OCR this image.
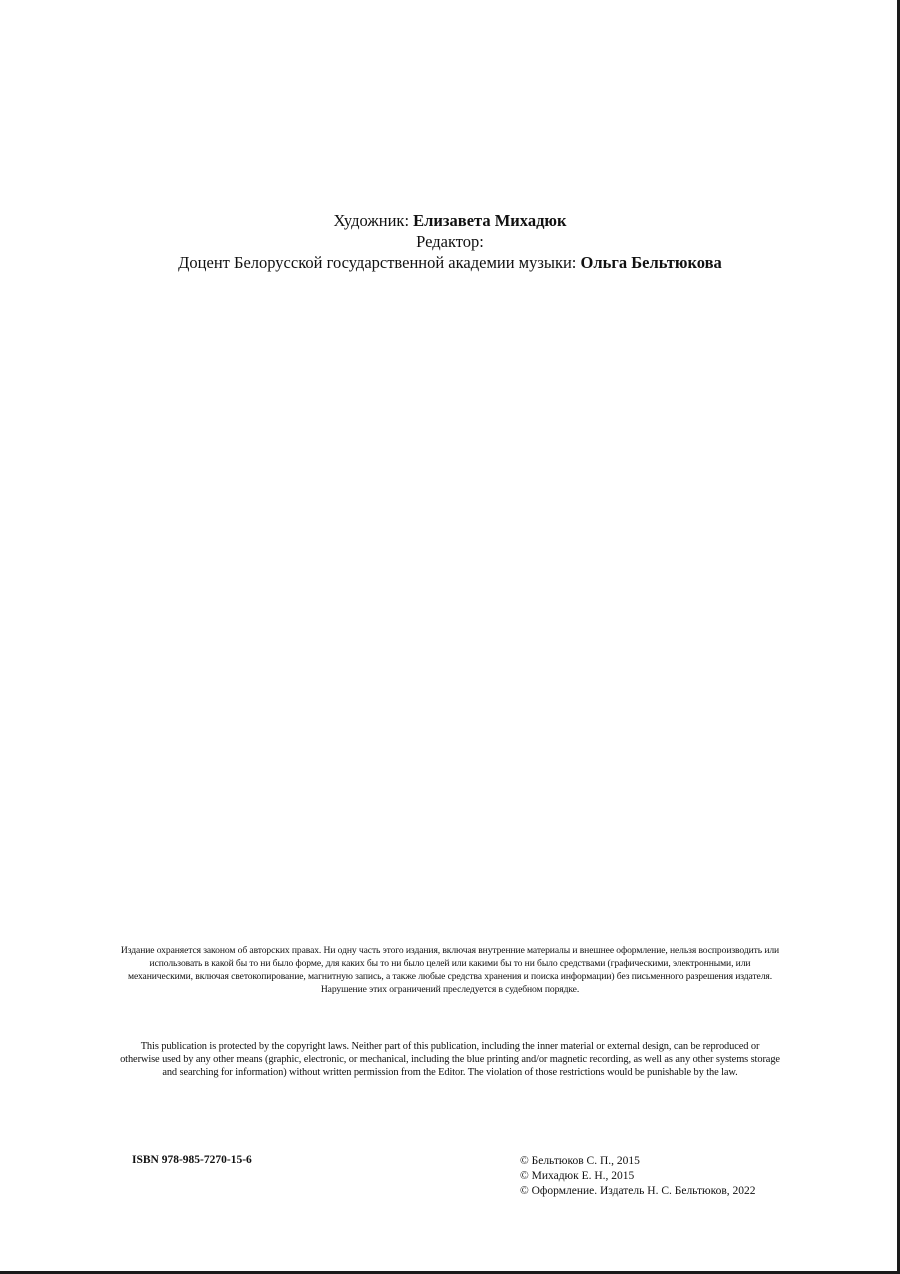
Художник: Елизавета Михадюк
Редактор:
Доцент Белорусской государственной академии музыки: Ольга Бельтюкова
Издание охраняется законом об авторских правах. Ни одну часть этого издания, включая внутренние материалы и внешнее оформление, нельзя воспроизводить или использовать в какой бы то ни было форме, для каких бы то ни было целей или какими бы то ни было средствами (графическими, электронными, или механическими, включая светокопирование, магнитную запись, а также любые средства хранения и поиска информации) без письменного разрешения издателя. Нарушение этих ограничений преследуется в судебном порядке.
This publication is protected by the copyright laws. Neither part of this publication, including the inner material or external design, can be reproduced or otherwise used by any other means (graphic, electronic, or mechanical, including the blue printing and/or magnetic recording, as well as any other systems storage and searching for information) without written permission from the Editor. The violation of those restrictions would be punishable by the law.
ISBN 978-985-7270-15-6	© Бельтюков С. П., 2015
© Михадюк Е. Н., 2015
© Оформление. Издатель Н. С. Бельтюков, 2022
